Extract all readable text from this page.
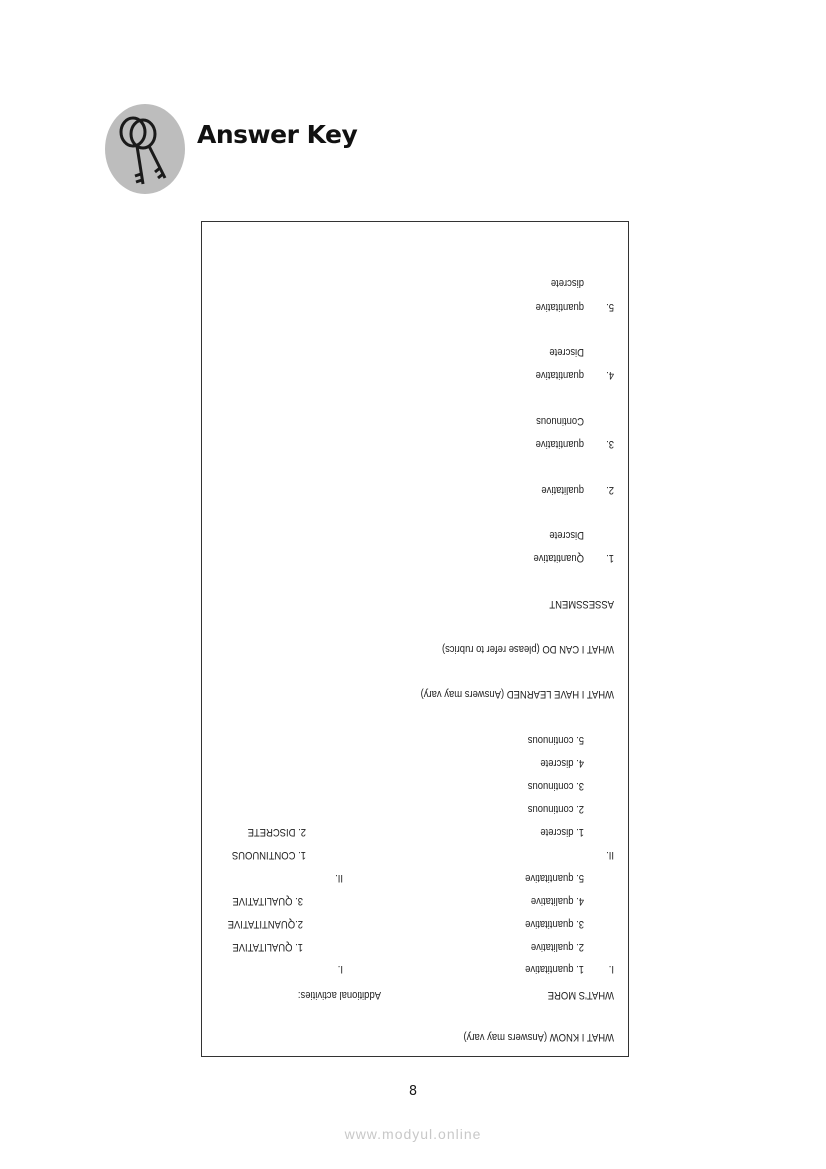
Answer Key
WHAT I KNOW (Answers may vary)
WHAT'S MORE
Additional activities:
I.
1. quantitative
2. qualitative
3. quantitative
4. qualitative
5. quantitative
I.
1. QUALITATIVE
2.QUANTITATIVE
3. QUALITATIVE
II.
1. discrete
2. continuous
3. continuous
4. discrete
5. continuous
II.
1. CONTINUOUS
2. DISCRETE
WHAT I HAVE LEARNED (Answers may vary)
WHAT I CAN DO (please refer to rubrics)
ASSESSMENT
1.
Quantitative
Discrete
2.
qualitative
3.
quantitative
Continuous
4.
quantitative
Discrete
5.
quantitative
discrete
8
www.modyul.online
